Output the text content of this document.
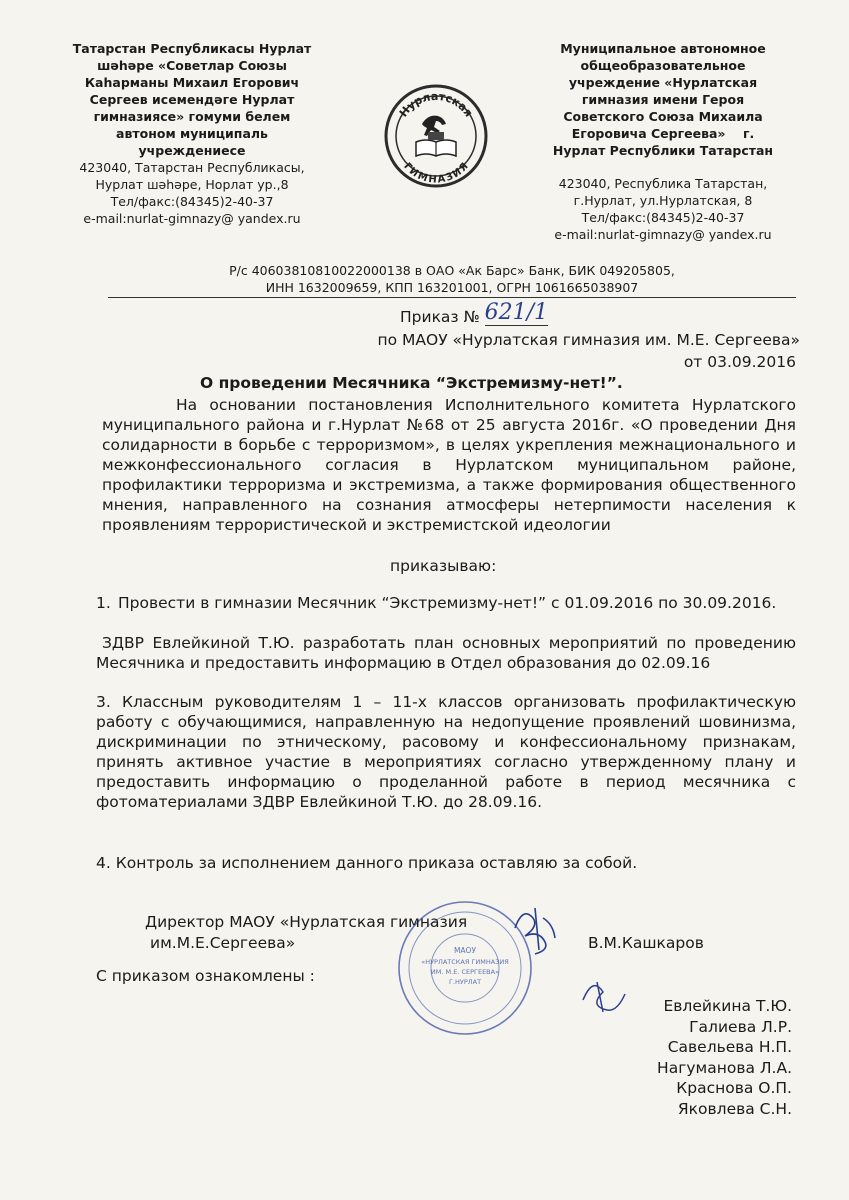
Татарстан Республикасы Нурлат
шәһәре «Советлар Союзы
Каһарманы Михаил Егорович
Сергеев исемендәге Нурлат
гимназиясе» гомуми белем
автоном муниципаль
учреждениесе
423040, Татарстан Республикасы,
Нурлат шәһәре, Норлат ур.,8
Тел/факс:(84345)2-40-37
e-mail:nurlat-gimnazy@ yandex.ru
Нурлатская
ГИМНАЗИЯ
Муниципальное автономное
общеобразовательное
учреждение «Нурлатская
гимназия имени Героя
Советского Союза Михаила
Егоровича Сергеева» г.
Нурлат Республики Татарстан
423040, Республика Татарстан,
г.Нурлат, ул.Нурлатская, 8
Тел/факс:(84345)2-40-37
e-mail:nurlat-gimnazy@ yandex.ru
Р/с 40603810810022000138 в ОАО «Ак Барс» Банк, БИК 049205805,
ИНН 1632009659, КПП 163201001, ОГРН 1061665038907
Приказ № 621/1
по МАОУ «Нурлатская гимназия им. М.Е. Сергеева»
от 03.09.2016
О проведении Месячника “Экстремизму-нет!”.
На основании постановления Исполнительного комитета Нурлатского муниципального района и г.Нурлат №68 от 25 августа 2016г. «О проведении Дня солидарности в борьбе с терроризмом», в целях укрепления межнационального и межконфессионального согласия в Нурлатском муниципальном районе, профилактики терроризма и экстремизма, а также формирования общественного мнения, направленного на сознания атмосферы нетерпимости населения к проявлениям террористической и экстремистской идеологии
приказываю:
1. Провести в гимназии Месячник “Экстремизму-нет!” с 01.09.2016 по 30.09.2016.
ЗДВР Евлейкиной Т.Ю. разработать план основных мероприятий по проведению Месячника и предоставить информацию в Отдел образования до 02.09.16
3. Классным руководителям 1 – 11-х классов организовать профилактическую работу с обучающимися, направленную на недопущение проявлений шовинизма, дискриминации по этническому, расовому и конфессиональному признакам, принять активное участие в мероприятиях согласно утвержденному плану и предоставить информацию о проделанной работе в период месячника с фотоматериалами ЗДВР Евлейкиной Т.Ю. до 28.09.16.
4. Контроль за исполнением данного приказа оставляю за собой.
МАОУ
«НУРЛАТСКАЯ ГИМНАЗИЯ
ИМ. М.Е. СЕРГЕЕВА»
Г.НУРЛАТ
Директор МАОУ «Нурлатская гимназия
им.М.Е.Сергеева»	В.М.Кашкаров
С приказом ознакомлены :
Евлейкина Т.Ю.
Галиева Л.Р.
Савельева Н.П.
Нагуманова Л.А.
Краснова О.П.
Яковлева С.Н.
